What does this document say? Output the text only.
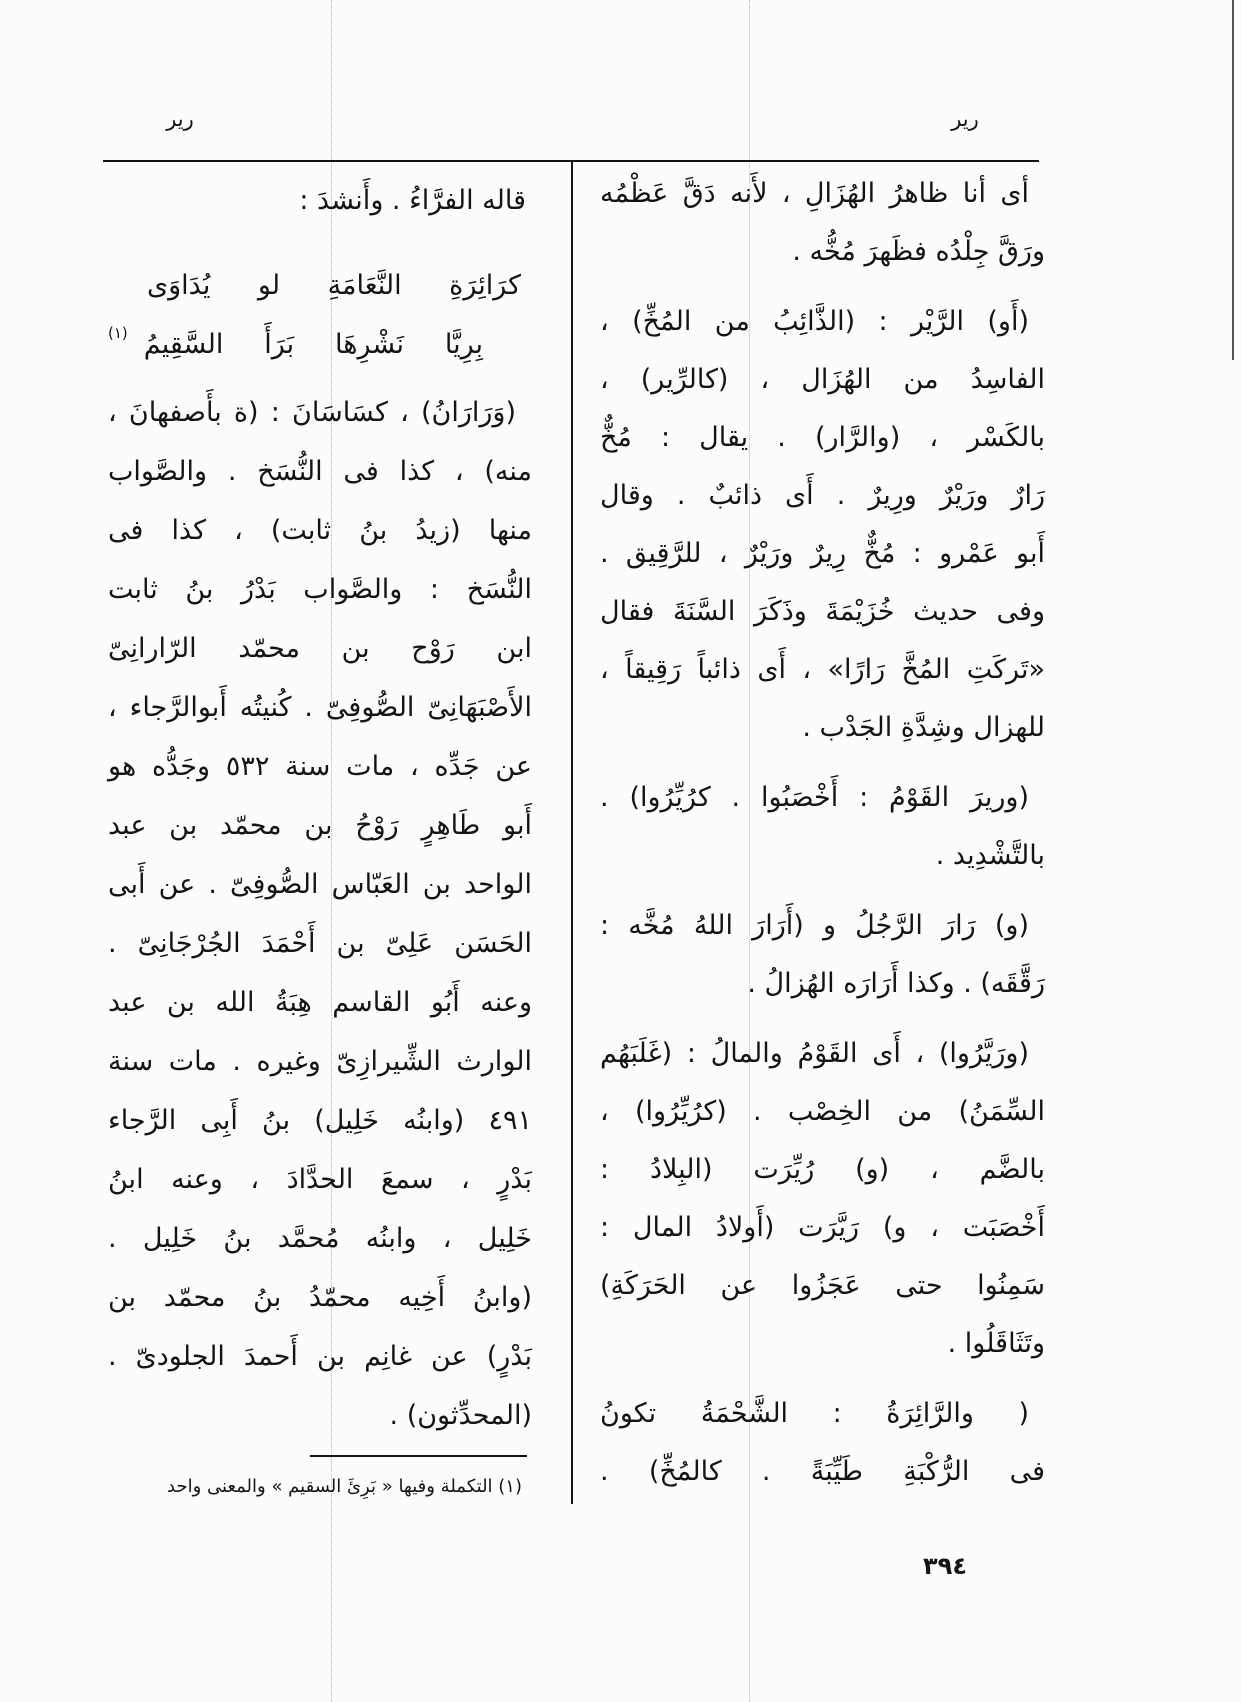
رير	رير
أى أنا ظاهرُ الهُزَالِ ، لأَنه دَقَّ عَظْمُه
ورَقَّ جِلْدُه فظَهرَ مُخُّه .
(أَو) الرَّيْر : (الذَّائِبُ من المُخِّ) ،
الفاسِدُ من الهُزَال ، (كالرِّير) ،
بالكَسْر ، (والرَّار) . يقال : مُخٌّ
رَارٌ ورَيْرٌ ورِيرٌ . أَى ذائبٌ . وقال
أَبو عَمْرو : مُخٌّ رِيرٌ ورَيْرٌ ، للرَّقِيق .
وفى حديث خُزَيْمَةَ وذَكَرَ السَّنَةَ فقال
«تَركَتِ المُخَّ رَارًا» ، أَى ذائباً رَقِيقاً ،
للهزال وشِدَّةِ الجَدْب .
(وريرَ القَوْمُ : أَخْصَبُوا . كرُيِّرُوا) .
بالتَّشْدِيد .
(و) رَارَ الرَّجُلُ و (أَرَارَ اللهُ مُخَّه :
رَقَّقَه) . وكذا أَرَارَه الهُزالُ .
(ورَيَّرُوا) ، أَى القَوْمُ والمالُ : (غَلَبَهُم
السِّمَنُ) من الخِصْب . (كرُيِّرُوا) ،
بالضَّم ، (و) رُيِّرَت (البِلادُ :
أَخْصَبَت ، و) رَيَّرَت (أَولادُ المال :
سَمِنُوا حتى عَجَزُوا عن الحَرَكَةِ)
وتَثَاقَلُوا .
( والرَّائِرَةُ : الشَّحْمَةُ تكونُ
فى الرُّكْبَةِ طَيِّبَةً . كالمُخِّ) .
قاله الفرَّاءُ . وأَنشدَ :
كرَائِرَةِ النَّعَامَةِ لو يُدَاوَى
بِرِيَّا نَشْرِهَا بَرَأَ السَّقِيمُ
(١)
(وَرَارَانُ) ، كسَاسَانَ : (ة بأَصفهانَ ،
منه) ، كذا فى النُّسَخ . والصَّواب
منها (زيدُ بنُ ثابت) ، كذا فى
النُّسَخ : والصَّواب بَدْرُ بنُ ثابت
ابن رَوْح بن محمّد الرّارانِىّ
الأَصْبَهَانِىّ الصُّوفِىّ . كُنيتُه أَبوالرَّجاء ،
عن جَدِّه ، مات سنة ٥٣٢ وجَدُّه هو
أَبو طَاهِرٍ رَوْحُ بن محمّد بن عبد
الواحد بن العَبّاس الصُّوفِىّ . عن أَبى
الحَسَن عَلِىّ بن أَحْمَدَ الجُرْجَانِىّ .
وعنه أَبُو القاسم هِبَةُ الله بن عبد
الوارث الشِّيرازِىّ وغيره . مات سنة
٤٩١ (وابنُه خَلِيل) بنُ أَبِى الرَّجاء
بَدْرٍ ، سمعَ الحدَّادَ ، وعنه ابنُ
خَلِيل ، وابنُه مُحمَّد بنُ خَلِيل .
(وابنُ أَخِيه محمّدُ بنُ محمّد بن
بَدْرٍ) عن غانِم بن أَحمدَ الجلودىّ .
(المحدِّثون) .
(١) التكملة وفيها « بَرِئَ السقيم » والمعنى واحد
٣٩٤
